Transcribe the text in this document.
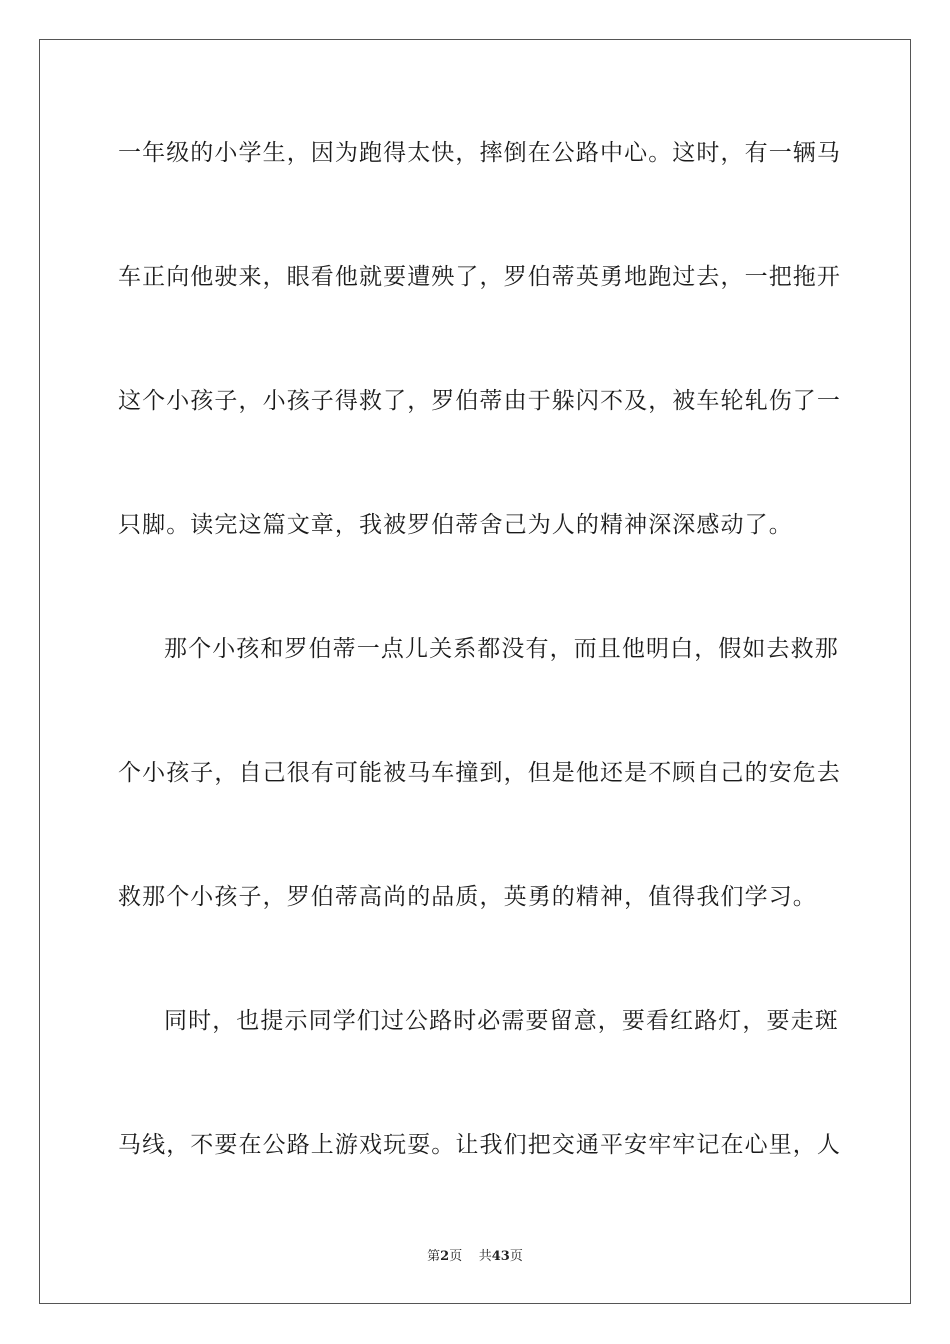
一年级的小学生，因为跑得太快，摔倒在公路中心。这时，有一辆马
车正向他驶来，眼看他就要遭殃了，罗伯蒂英勇地跑过去，一把拖开
这个小孩子，小孩子得救了，罗伯蒂由于躲闪不及，被车轮轧伤了一
只脚。读完这篇文章，我被罗伯蒂舍己为人的精神深深感动了。
那个小孩和罗伯蒂一点儿关系都没有，而且他明白，假如去救那
个小孩子，自己很有可能被马车撞到，但是他还是不顾自己的安危去
救那个小孩子，罗伯蒂高尚的品质，英勇的精神，值得我们学习。
同时，也提示同学们过公路时必需要留意，要看红路灯，要走斑
马线，不要在公路上游戏玩耍。让我们把交通平安牢牢记在心里，人
第2页 共43页
